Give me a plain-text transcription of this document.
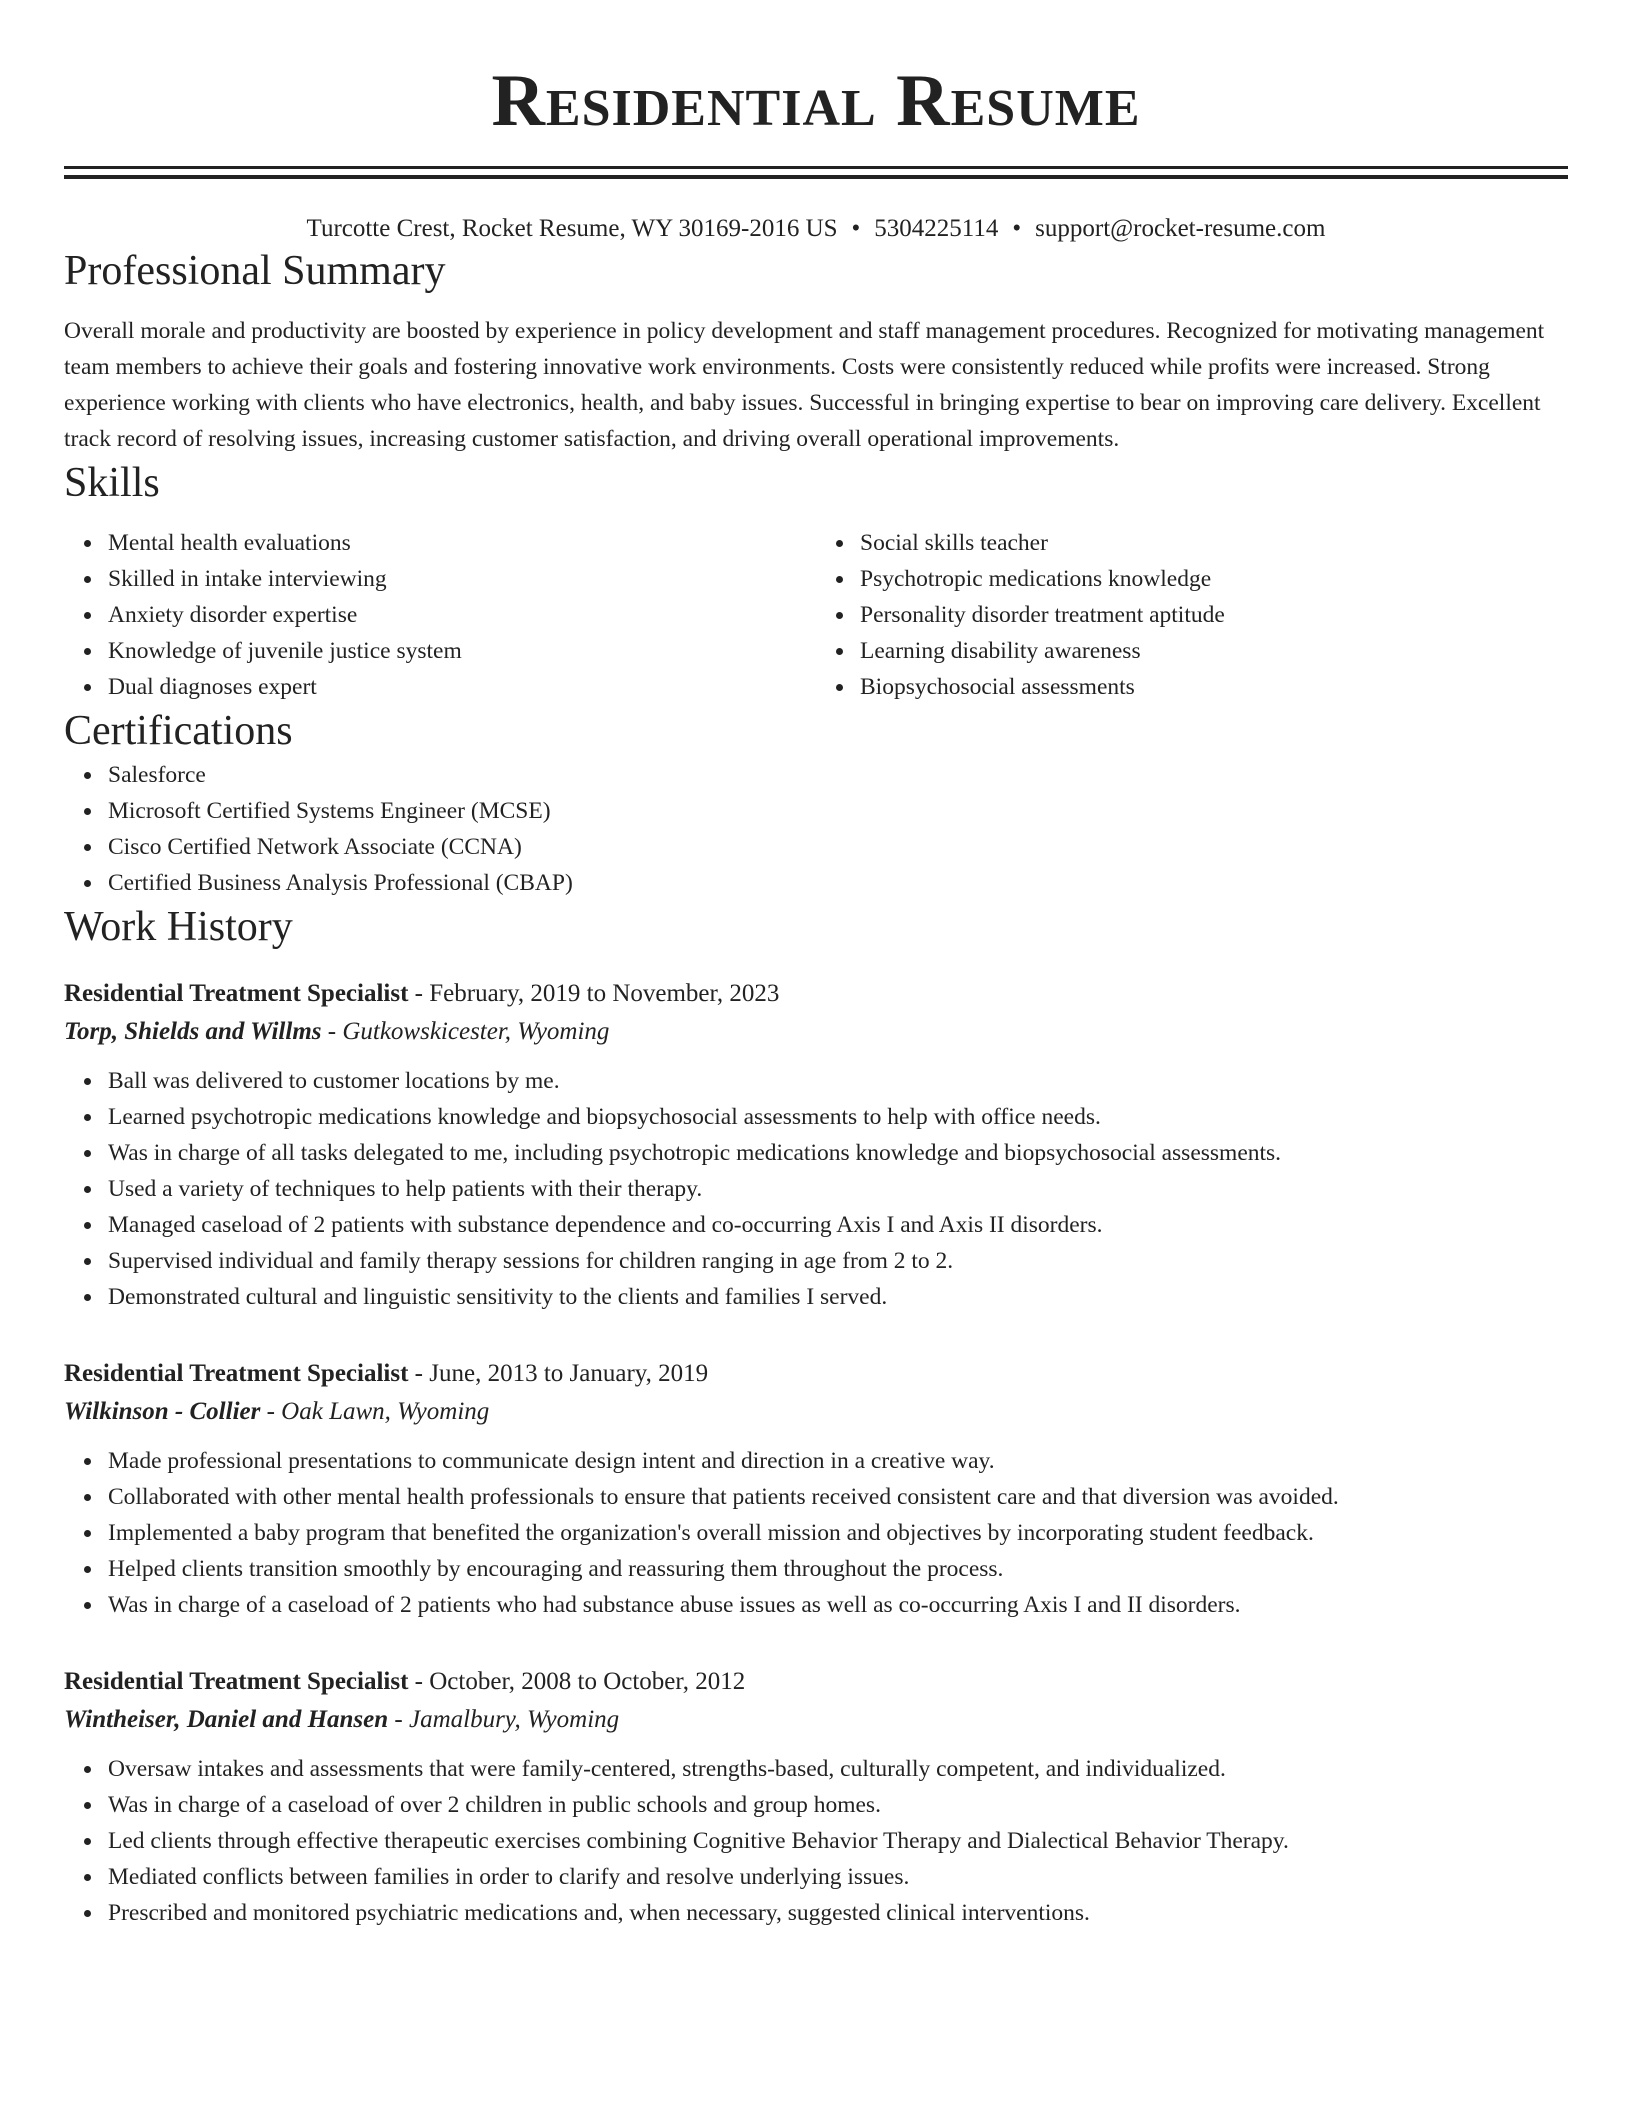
Residential Resume
Turcotte Crest, Rocket Resume, WY 30169-2016 US • 5304225114 • support@rocket-resume.com
Professional Summary
Overall morale and productivity are boosted by experience in policy development and staff management procedures. Recognized for motivating management team members to achieve their goals and fostering innovative work environments. Costs were consistently reduced while profits were increased. Strong experience working with clients who have electronics, health, and baby issues. Successful in bringing expertise to bear on improving care delivery. Excellent track record of resolving issues, increasing customer satisfaction, and driving overall operational improvements.
Skills
Mental health evaluations
Skilled in intake interviewing
Anxiety disorder expertise
Knowledge of juvenile justice system
Dual diagnoses expert
Social skills teacher
Psychotropic medications knowledge
Personality disorder treatment aptitude
Learning disability awareness
Biopsychosocial assessments
Certifications
Salesforce
Microsoft Certified Systems Engineer (MCSE)
Cisco Certified Network Associate (CCNA)
Certified Business Analysis Professional (CBAP)
Work History
Residential Treatment Specialist - February, 2019 to November, 2023
Torp, Shields and Willms - Gutkowskicester, Wyoming
Ball was delivered to customer locations by me.
Learned psychotropic medications knowledge and biopsychosocial assessments to help with office needs.
Was in charge of all tasks delegated to me, including psychotropic medications knowledge and biopsychosocial assessments.
Used a variety of techniques to help patients with their therapy.
Managed caseload of 2 patients with substance dependence and co-occurring Axis I and Axis II disorders.
Supervised individual and family therapy sessions for children ranging in age from 2 to 2.
Demonstrated cultural and linguistic sensitivity to the clients and families I served.
Residential Treatment Specialist - June, 2013 to January, 2019
Wilkinson - Collier - Oak Lawn, Wyoming
Made professional presentations to communicate design intent and direction in a creative way.
Collaborated with other mental health professionals to ensure that patients received consistent care and that diversion was avoided.
Implemented a baby program that benefited the organization's overall mission and objectives by incorporating student feedback.
Helped clients transition smoothly by encouraging and reassuring them throughout the process.
Was in charge of a caseload of 2 patients who had substance abuse issues as well as co-occurring Axis I and II disorders.
Residential Treatment Specialist - October, 2008 to October, 2012
Wintheiser, Daniel and Hansen - Jamalbury, Wyoming
Oversaw intakes and assessments that were family-centered, strengths-based, culturally competent, and individualized.
Was in charge of a caseload of over 2 children in public schools and group homes.
Led clients through effective therapeutic exercises combining Cognitive Behavior Therapy and Dialectical Behavior Therapy.
Mediated conflicts between families in order to clarify and resolve underlying issues.
Prescribed and monitored psychiatric medications and, when necessary, suggested clinical interventions.
